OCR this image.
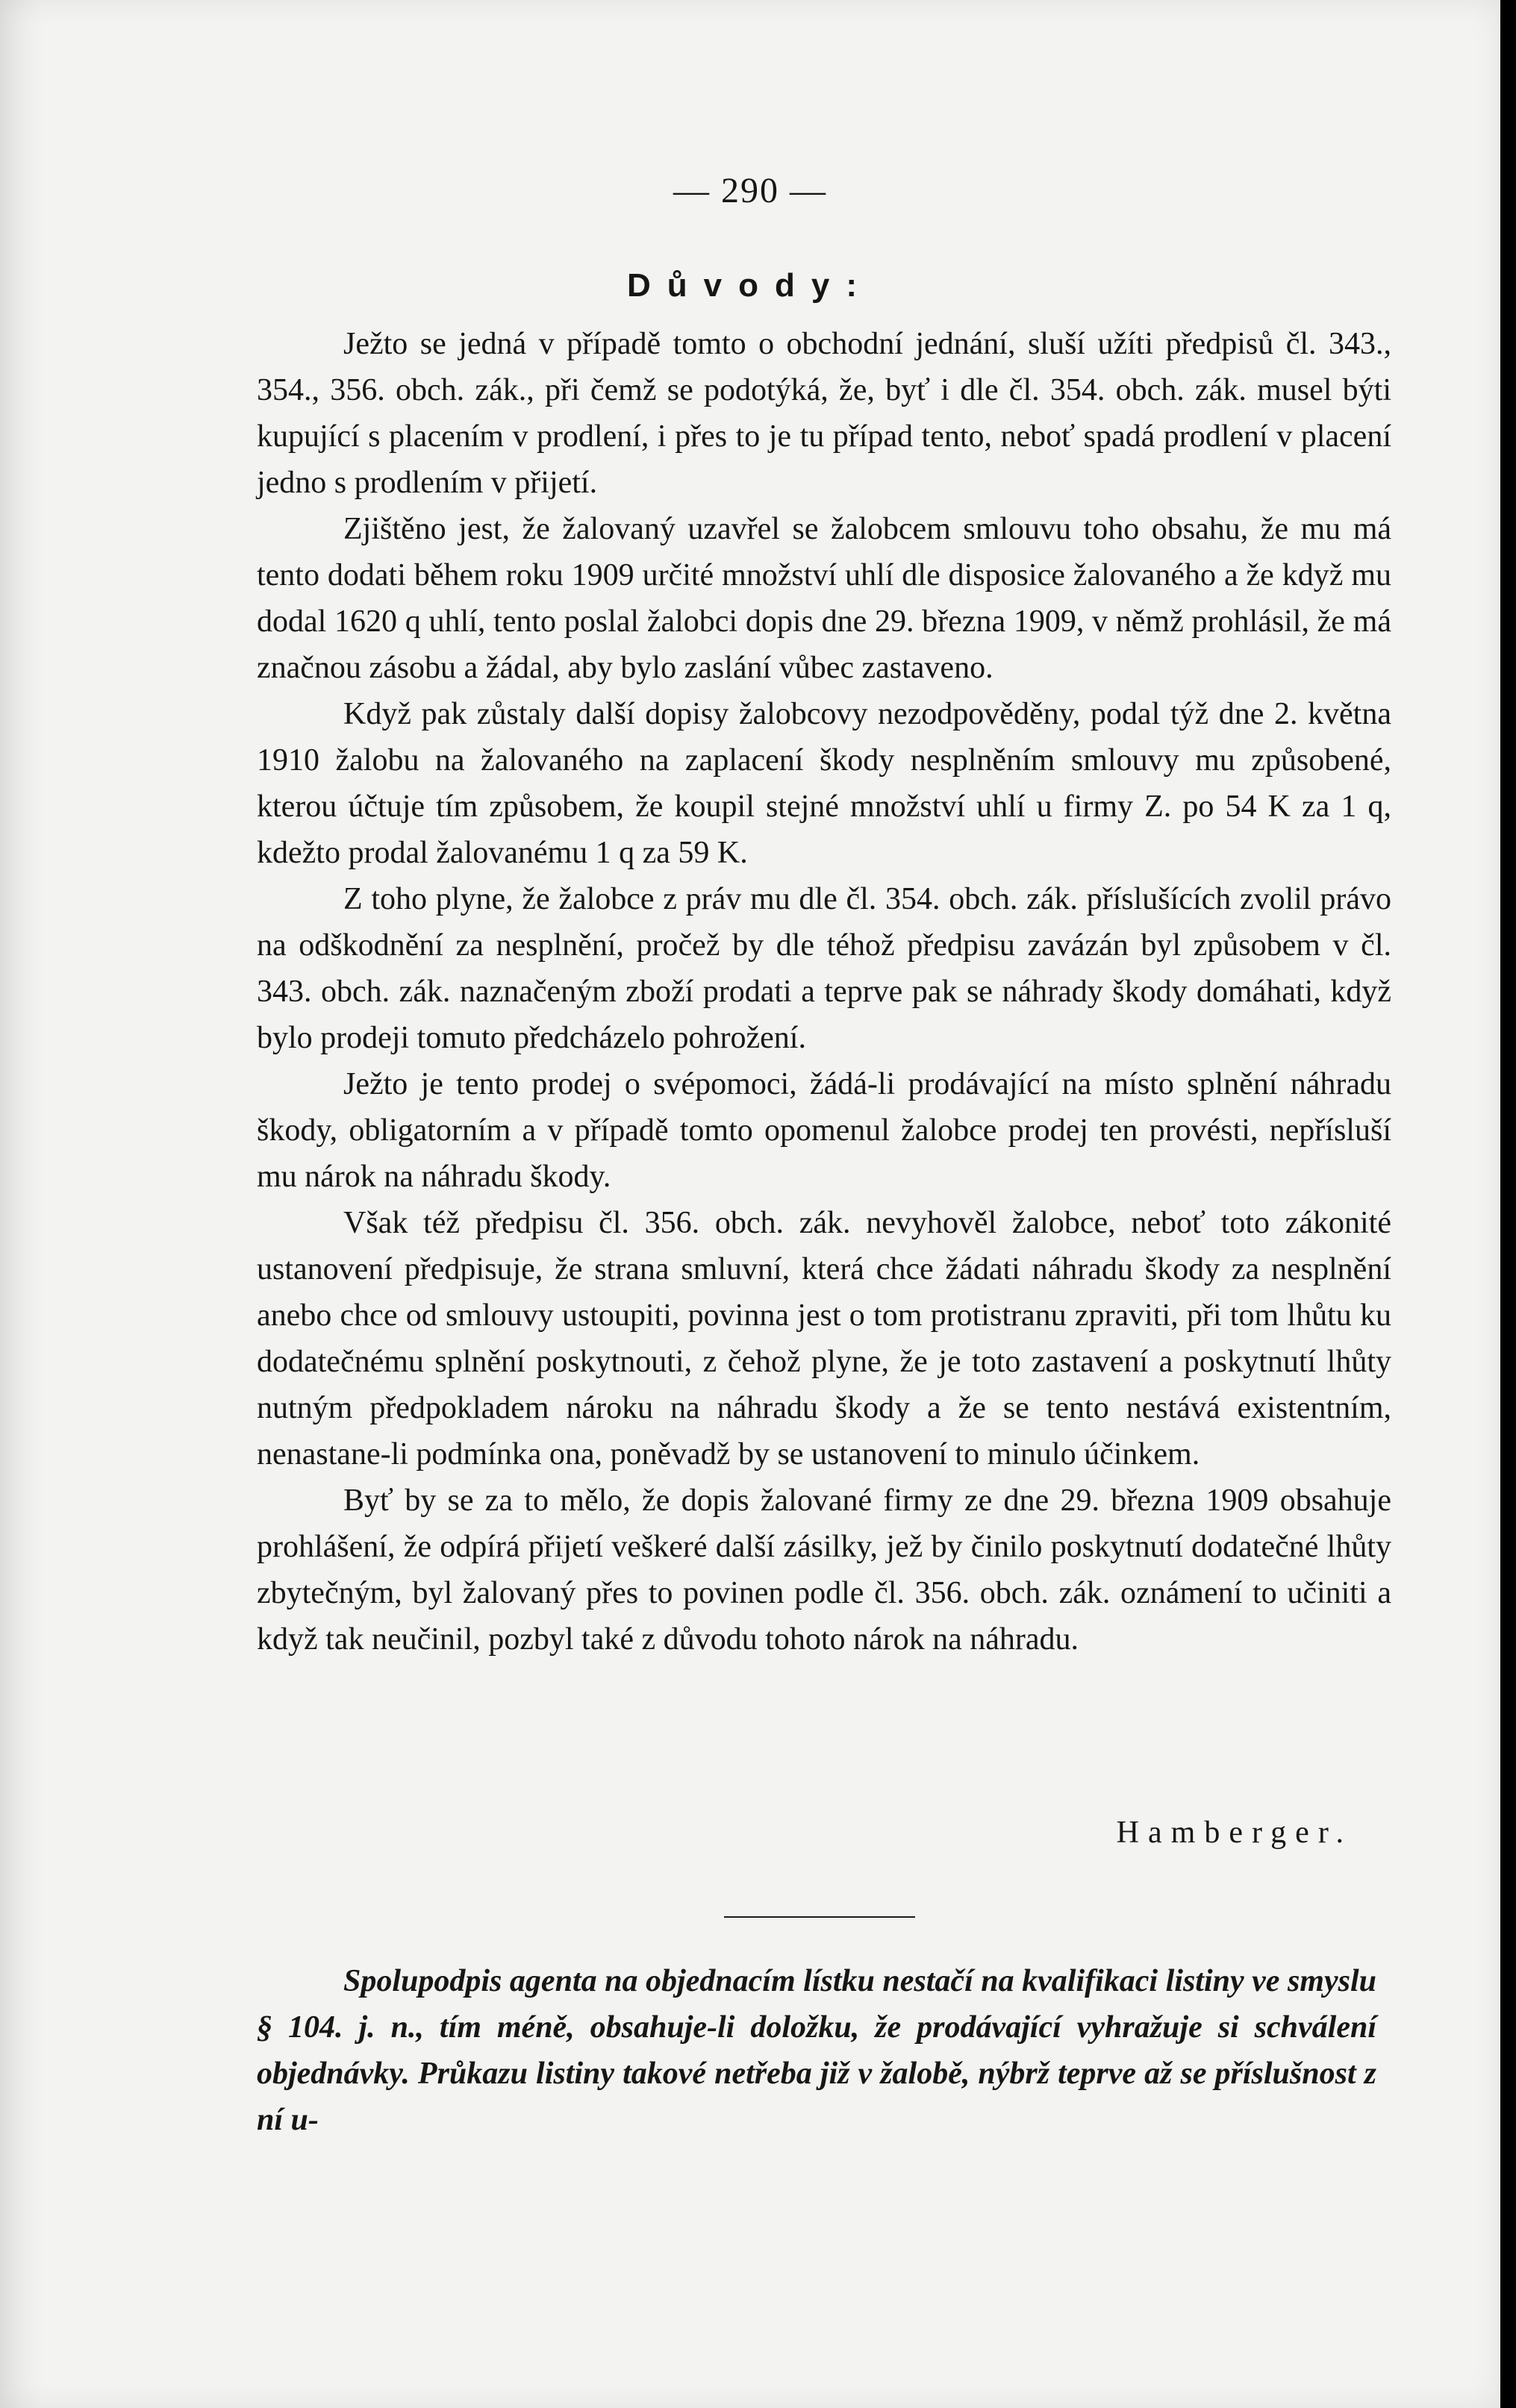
— 290 —
Důvody:

Ježto se jedná v případě tomto o obchodní jednání, sluší užíti předpisů čl. 343., 354., 356. obch. zák., při čemž se podotýká, že, byť i dle čl. 354. obch. zák. musel býti kupující s placením v prodlení, i přes to je tu případ tento, neboť spadá prodlení v placení jedno s prodlením v přijetí.

Zjištěno jest, že žalovaný uzavřel se žalobcem smlouvu toho obsahu, že mu má tento dodati během roku 1909 určité množství uhlí dle disposice žalovaného a že když mu dodal 1620 q uhlí, tento poslal žalobci dopis dne 29. března 1909, v němž prohlásil, že má značnou zásobu a žádal, aby bylo zaslání vůbec zastaveno.

Když pak zůstaly další dopisy žalobcovy nezodpověděny, podal týž dne 2. května 1910 žalobu na žalovaného na zaplacení škody nesplněním smlouvy mu způsobené, kterou účtuje tím způsobem, že koupil stejné množství uhlí u firmy Z. po 54 K za 1 q, kdežto prodal žalovanému 1 q za 59 K.

Z toho plyne, že žalobce z práv mu dle čl. 354. obch. zák. příslušících zvolil právo na odškodnění za nesplnění, pročež by dle téhož předpisu zavázán byl způsobem v čl. 343. obch. zák. naznačeným zboží prodati a teprve pak se náhrady škody domáhati, když bylo prodeji tomuto předcházelo pohrožení.

Ježto je tento prodej o svépomoci, žádá-li prodávající na místo splnění náhradu škody, obligatorním a v případě tomto opomenul žalobce prodej ten provésti, nepřísluší mu nárok na náhradu škody.

Však též předpisu čl. 356. obch. zák. nevyhověl žalobce, neboť toto zákonité ustanovení předpisuje, že strana smluvní, která chce žádati náhradu škody za nesplnění anebo chce od smlouvy ustoupiti, povinna jest o tom protistranu zpraviti, při tom lhůtu ku dodatečnému splnění poskytnouti, z čehož plyne, že je toto zastavení a poskytnutí lhůty nutným předpokladem nároku na náhradu škody a že se tento nestává existentním, nenastane-li podmínka ona, poněvadž by se ustanovení to minulo účinkem.

Byť by se za to mělo, že dopis žalované firmy ze dne 29. března 1909 obsahuje prohlášení, že odpírá přijetí veškeré další zásilky, jež by činilo poskytnutí dodatečné lhůty zbytečným, byl žalovaný přes to povinen podle čl. 356. obch. zák. oznámení to učiniti a když tak neučinil, pozbyl také z důvodu tohoto nárok na náhradu.

Hamberger.

Spolupodpis agenta na objednacím lístku nestačí na kvalifikaci listiny ve smyslu § 104. j. n., tím méně, obsahuje-li doložku, že prodávající vyhražuje si schválení objednávky. Průkazu listiny takové netřeba již v žalobě, nýbrž teprve až se příslušnost z ní u-
